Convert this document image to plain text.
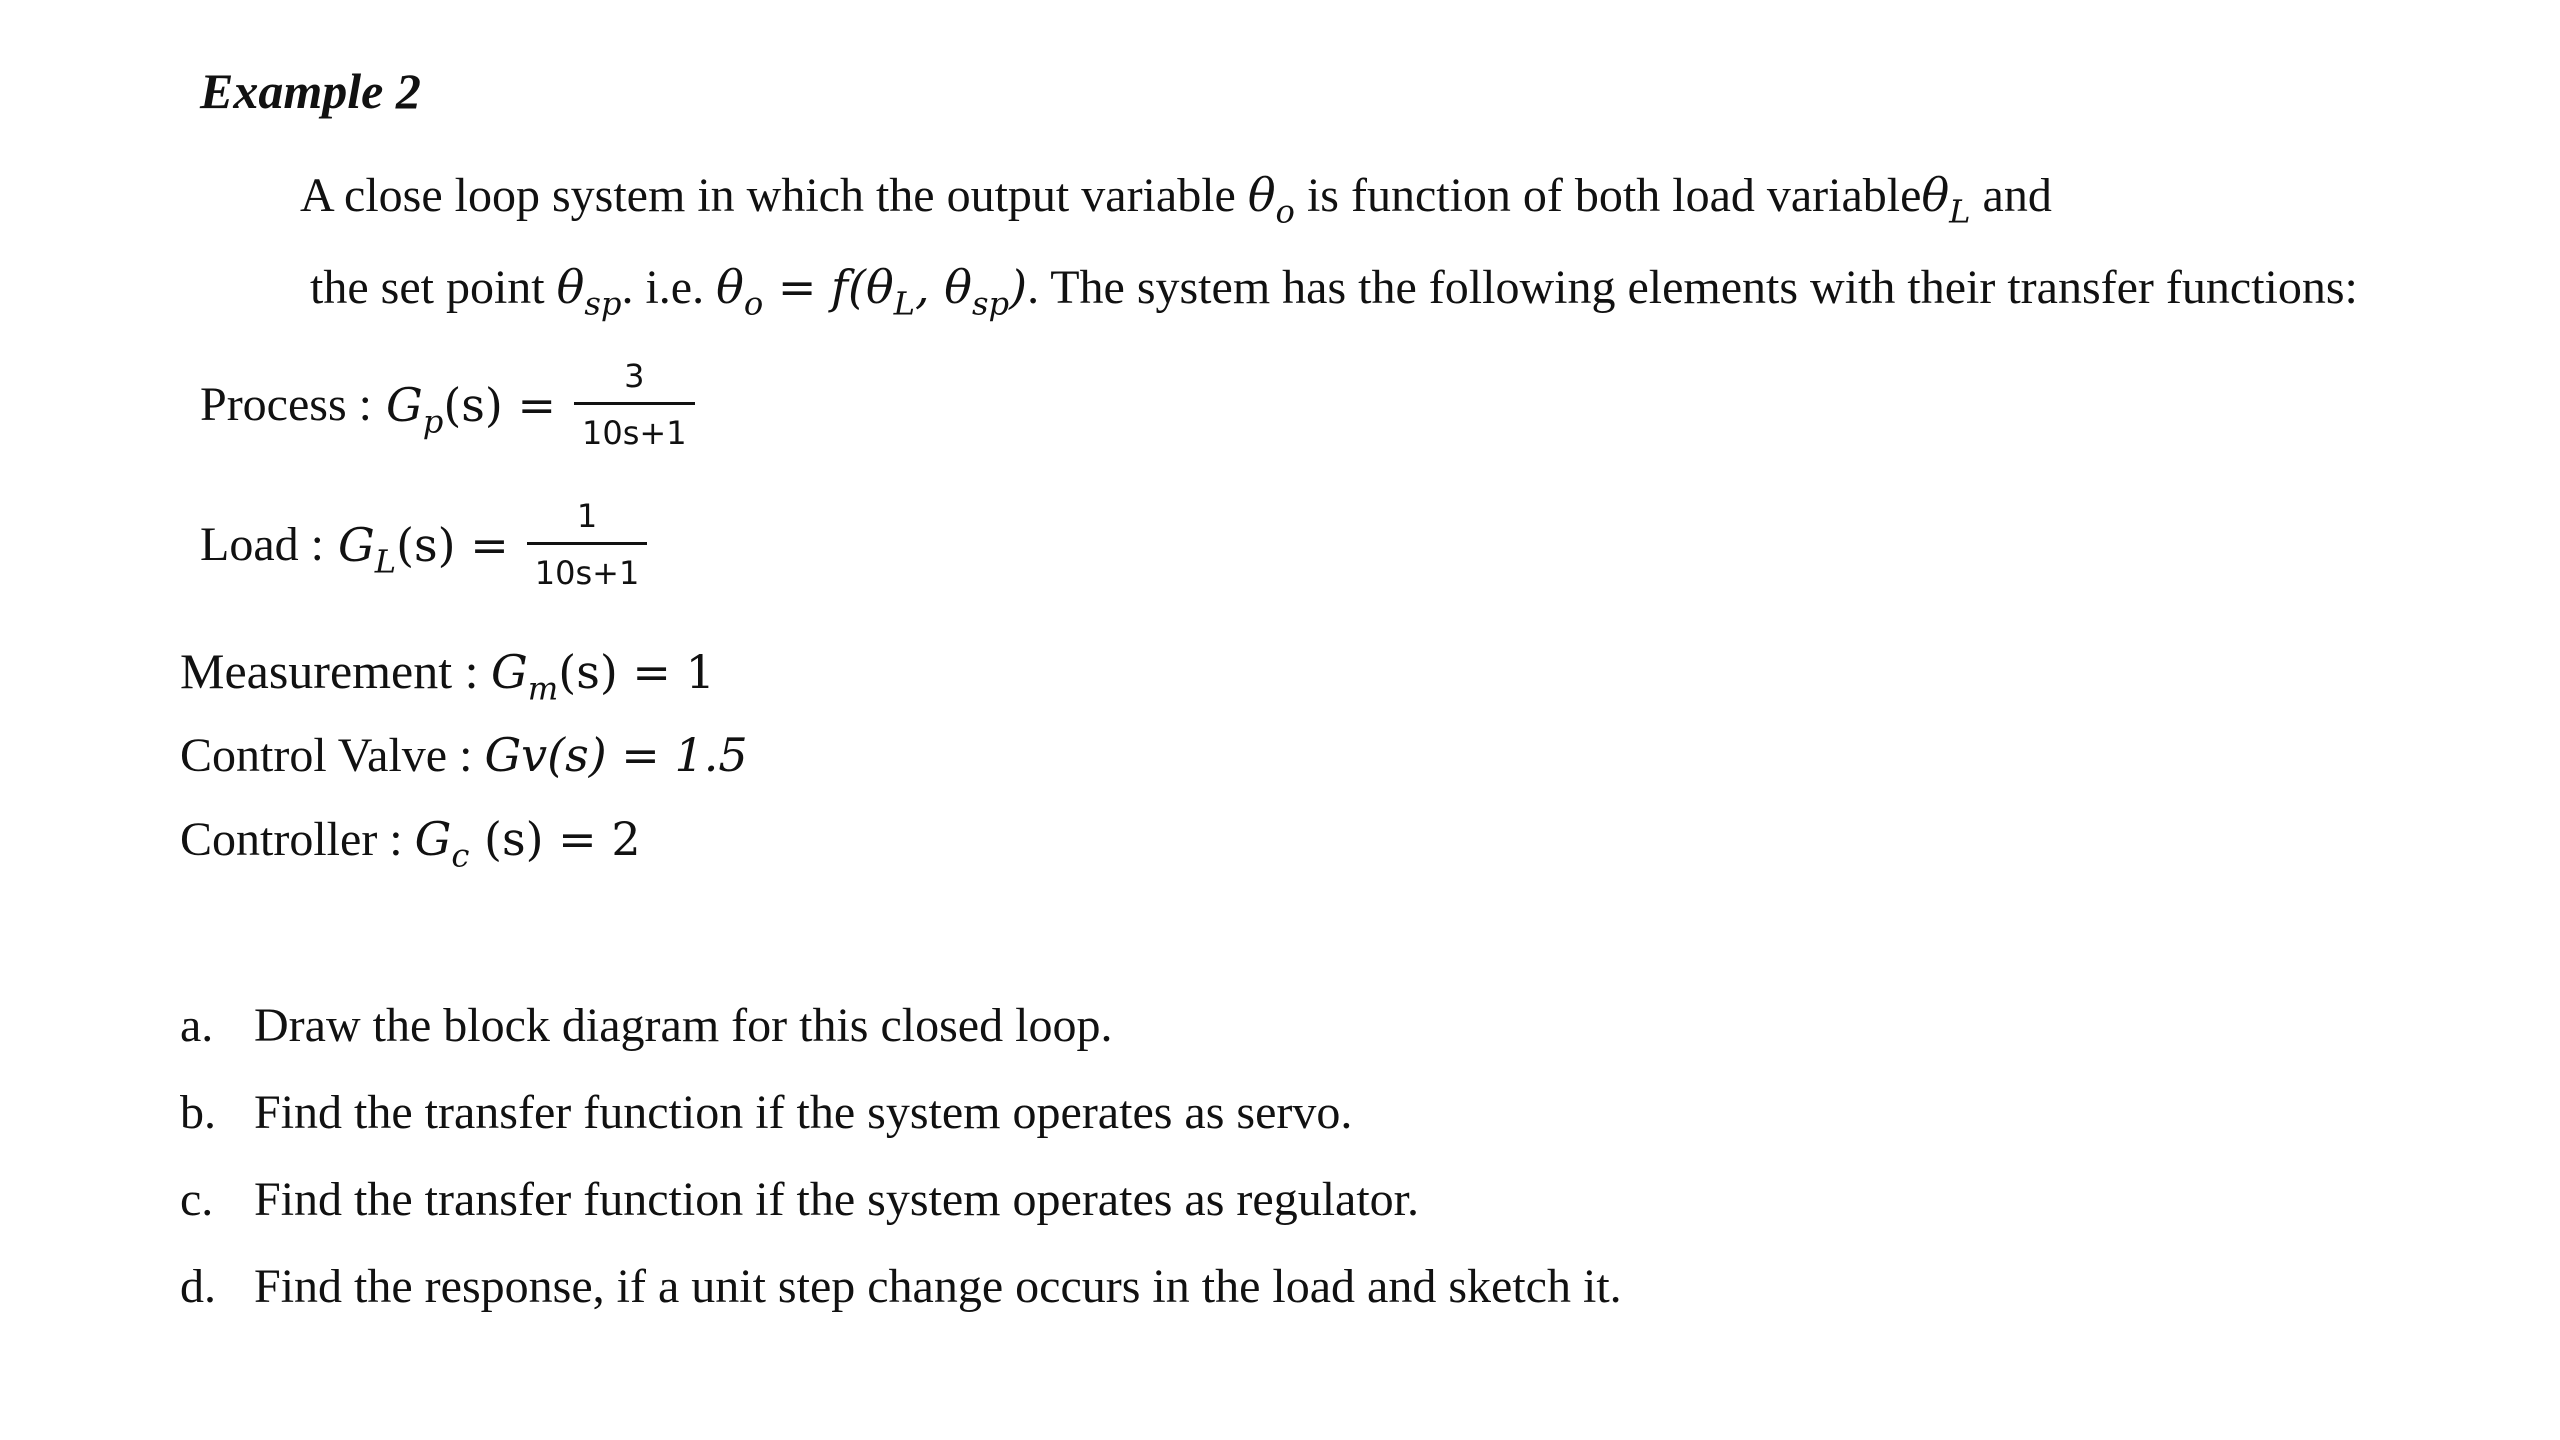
Example 2
A close loop system in which the output variable $\theta_o$ is function of both load variableθ$_L$ and
the set point $\theta_{sp}$. i.e. $\theta_o = f(\theta_L$, $\theta_{sp}$). The system has the following elements with their transfer functions:
Process : $G_p(s) = \frac{3}{10s+1}$
Load : $G_L(s) = \frac{1}{10s+1}$
Measurement : $G_m(s) = 1$
Control Valve : Gv(s) = 1.5
Controller : $G_c$ (s) = 2
a. Draw the block diagram for this closed loop.
b. Find the transfer function if the system operates as servo.
c. Find the transfer function if the system operates as regulator.
d. Find the response, if a unit step change occurs in the load and sketch it.
